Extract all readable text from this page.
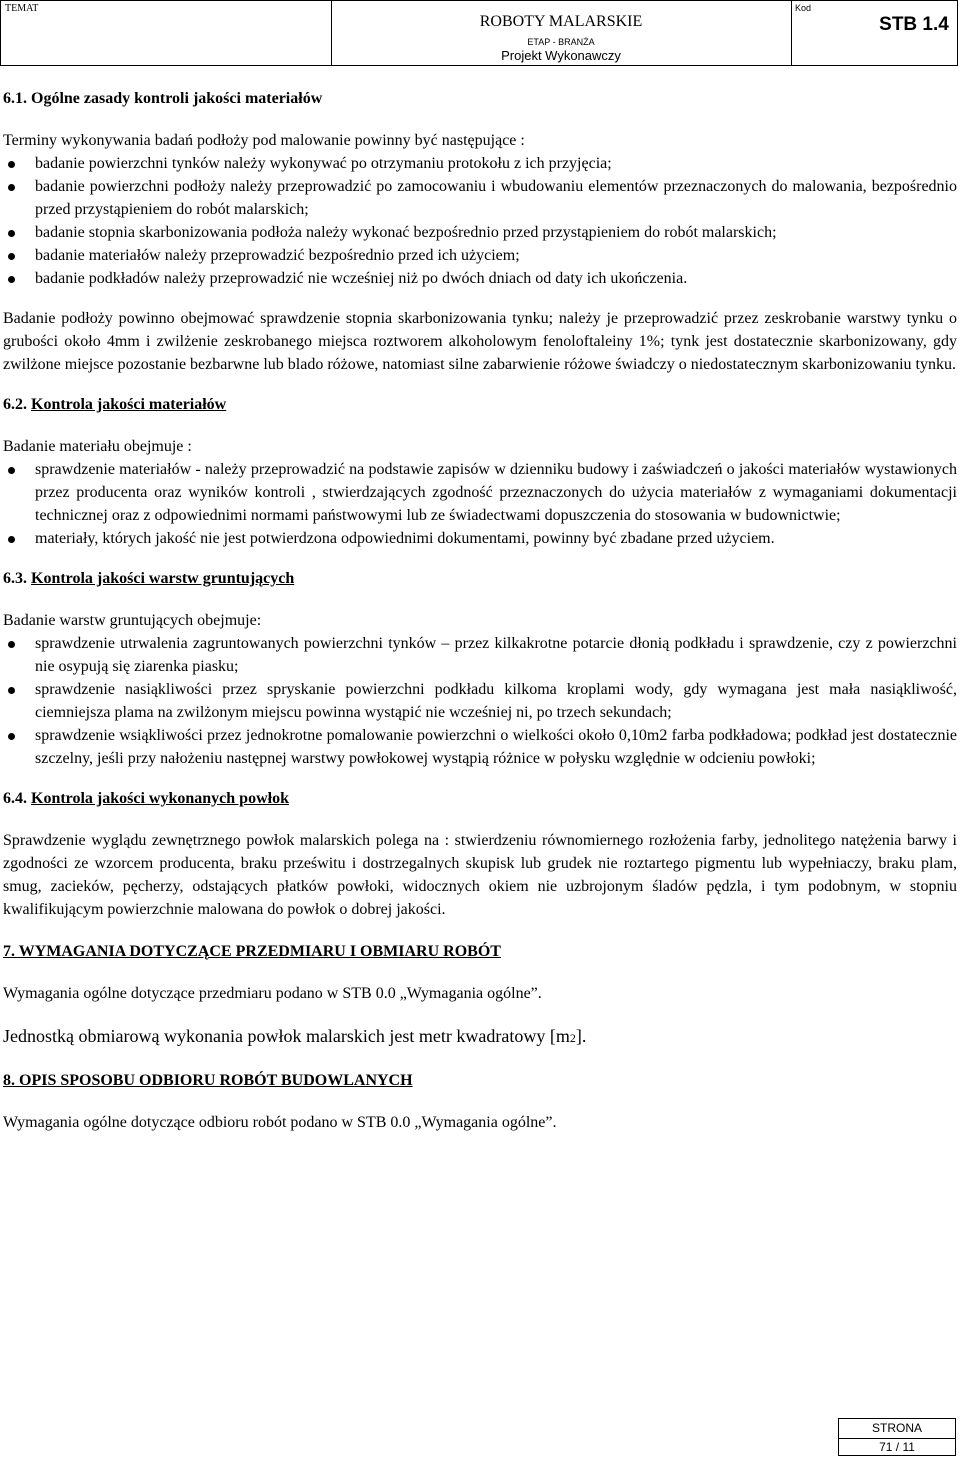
TEMAT
ROBOTY MALARSKIE
ETAP - BRANŻA
Projekt Wykonawczy
Kod
STB 1.4
6.1. Ogólne zasady kontroli jakości materiałów

Terminy wykonywania badań podłoży pod malowanie powinny być następujące :

badanie powierzchni tynków należy wykonywać po otrzymaniu protokołu z ich przyjęcia;
badanie powierzchni podłoży należy przeprowadzić po zamocowaniu i wbudowaniu elementów przeznaczonych do malowania, bezpośrednio przed przystąpieniem do robót malarskich;
badanie stopnia skarbonizowania podłoża należy wykonać bezpośrednio przed przystąpieniem do robót malarskich;
badanie materiałów należy przeprowadzić bezpośrednio przed ich użyciem;
badanie podkładów należy przeprowadzić nie wcześniej niż po dwóch dniach od daty ich ukończenia.

Badanie podłoży powinno obejmować sprawdzenie stopnia skarbonizowania tynku; należy je przeprowadzić przez zeskrobanie warstwy tynku o grubości około 4mm i zwilżenie zeskrobanego miejsca roztworem alkoholowym fenoloftaleiny 1%; tynk jest dostatecznie skarbonizowany, gdy zwilżone miejsce pozostanie bezbarwne lub blado różowe, natomiast silne zabarwienie różowe świadczy o niedostatecznym skarbonizowaniu tynku.

6.2. Kontrola jakości materiałów

Badanie materiału obejmuje :

sprawdzenie materiałów - należy przeprowadzić na podstawie zapisów w dzienniku budowy i zaświadczeń o jakości materiałów wystawionych przez producenta oraz wyników kontroli , stwierdzających zgodność przeznaczonych do użycia materiałów z wymaganiami dokumentacji technicznej oraz z odpowiednimi normami państwowymi lub ze świadectwami dopuszczenia do stosowania w budownictwie;
materiały, których jakość nie jest potwierdzona odpowiednimi dokumentami, powinny być zbadane przed użyciem.
6.3. Kontrola jakości warstw gruntujących

Badanie warstw gruntujących obejmuje:

sprawdzenie utrwalenia zagruntowanych powierzchni tynków – przez kilkakrotne potarcie dłonią podkładu i sprawdzenie, czy z powierzchni nie osypują się ziarenka piasku;
sprawdzenie nasiąkliwości przez spryskanie powierzchni podkładu kilkoma kroplami wody, gdy wymagana jest mała nasiąkliwość, ciemniejsza plama na zwilżonym miejscu powinna wystąpić nie wcześniej ni, po trzech sekundach;
sprawdzenie wsiąkliwości przez jednokrotne pomalowanie powierzchni o wielkości około 0,10m2 farba podkładowa; podkład jest dostatecznie szczelny, jeśli przy nałożeniu następnej warstwy powłokowej wystąpią różnice w połysku względnie w odcieniu powłoki;
6.4. Kontrola jakości wykonanych powłok

Sprawdzenie wyglądu zewnętrznego powłok malarskich polega na : stwierdzeniu równomiernego rozłożenia farby, jednolitego natężenia barwy i zgodności ze wzorcem producenta, braku prześwitu i dostrzegalnych skupisk lub grudek nie roztartego pigmentu lub wypełniaczy, braku plam, smug, zacieków, pęcherzy, odstających płatków powłoki, widocznych okiem nie uzbrojonym śladów pędzla, i tym podobnym, w stopniu kwalifikującym powierzchnie malowana do powłok o dobrej jakości.

7. WYMAGANIA DOTYCZĄCE PRZEDMIARU I OBMIARU ROBÓT

Wymagania ogólne dotyczące przedmiaru podano w STB 0.0 „Wymagania ogólne”.

Jednostką obmiarową wykonania powłok malarskich jest metr kwadratowy [m2].

8. OPIS SPOSOBU ODBIORU ROBÓT BUDOWLANYCH

Wymagania ogólne dotyczące odbioru robót podano w STB 0.0 „Wymagania ogólne”.

STRONA
71 / 11
